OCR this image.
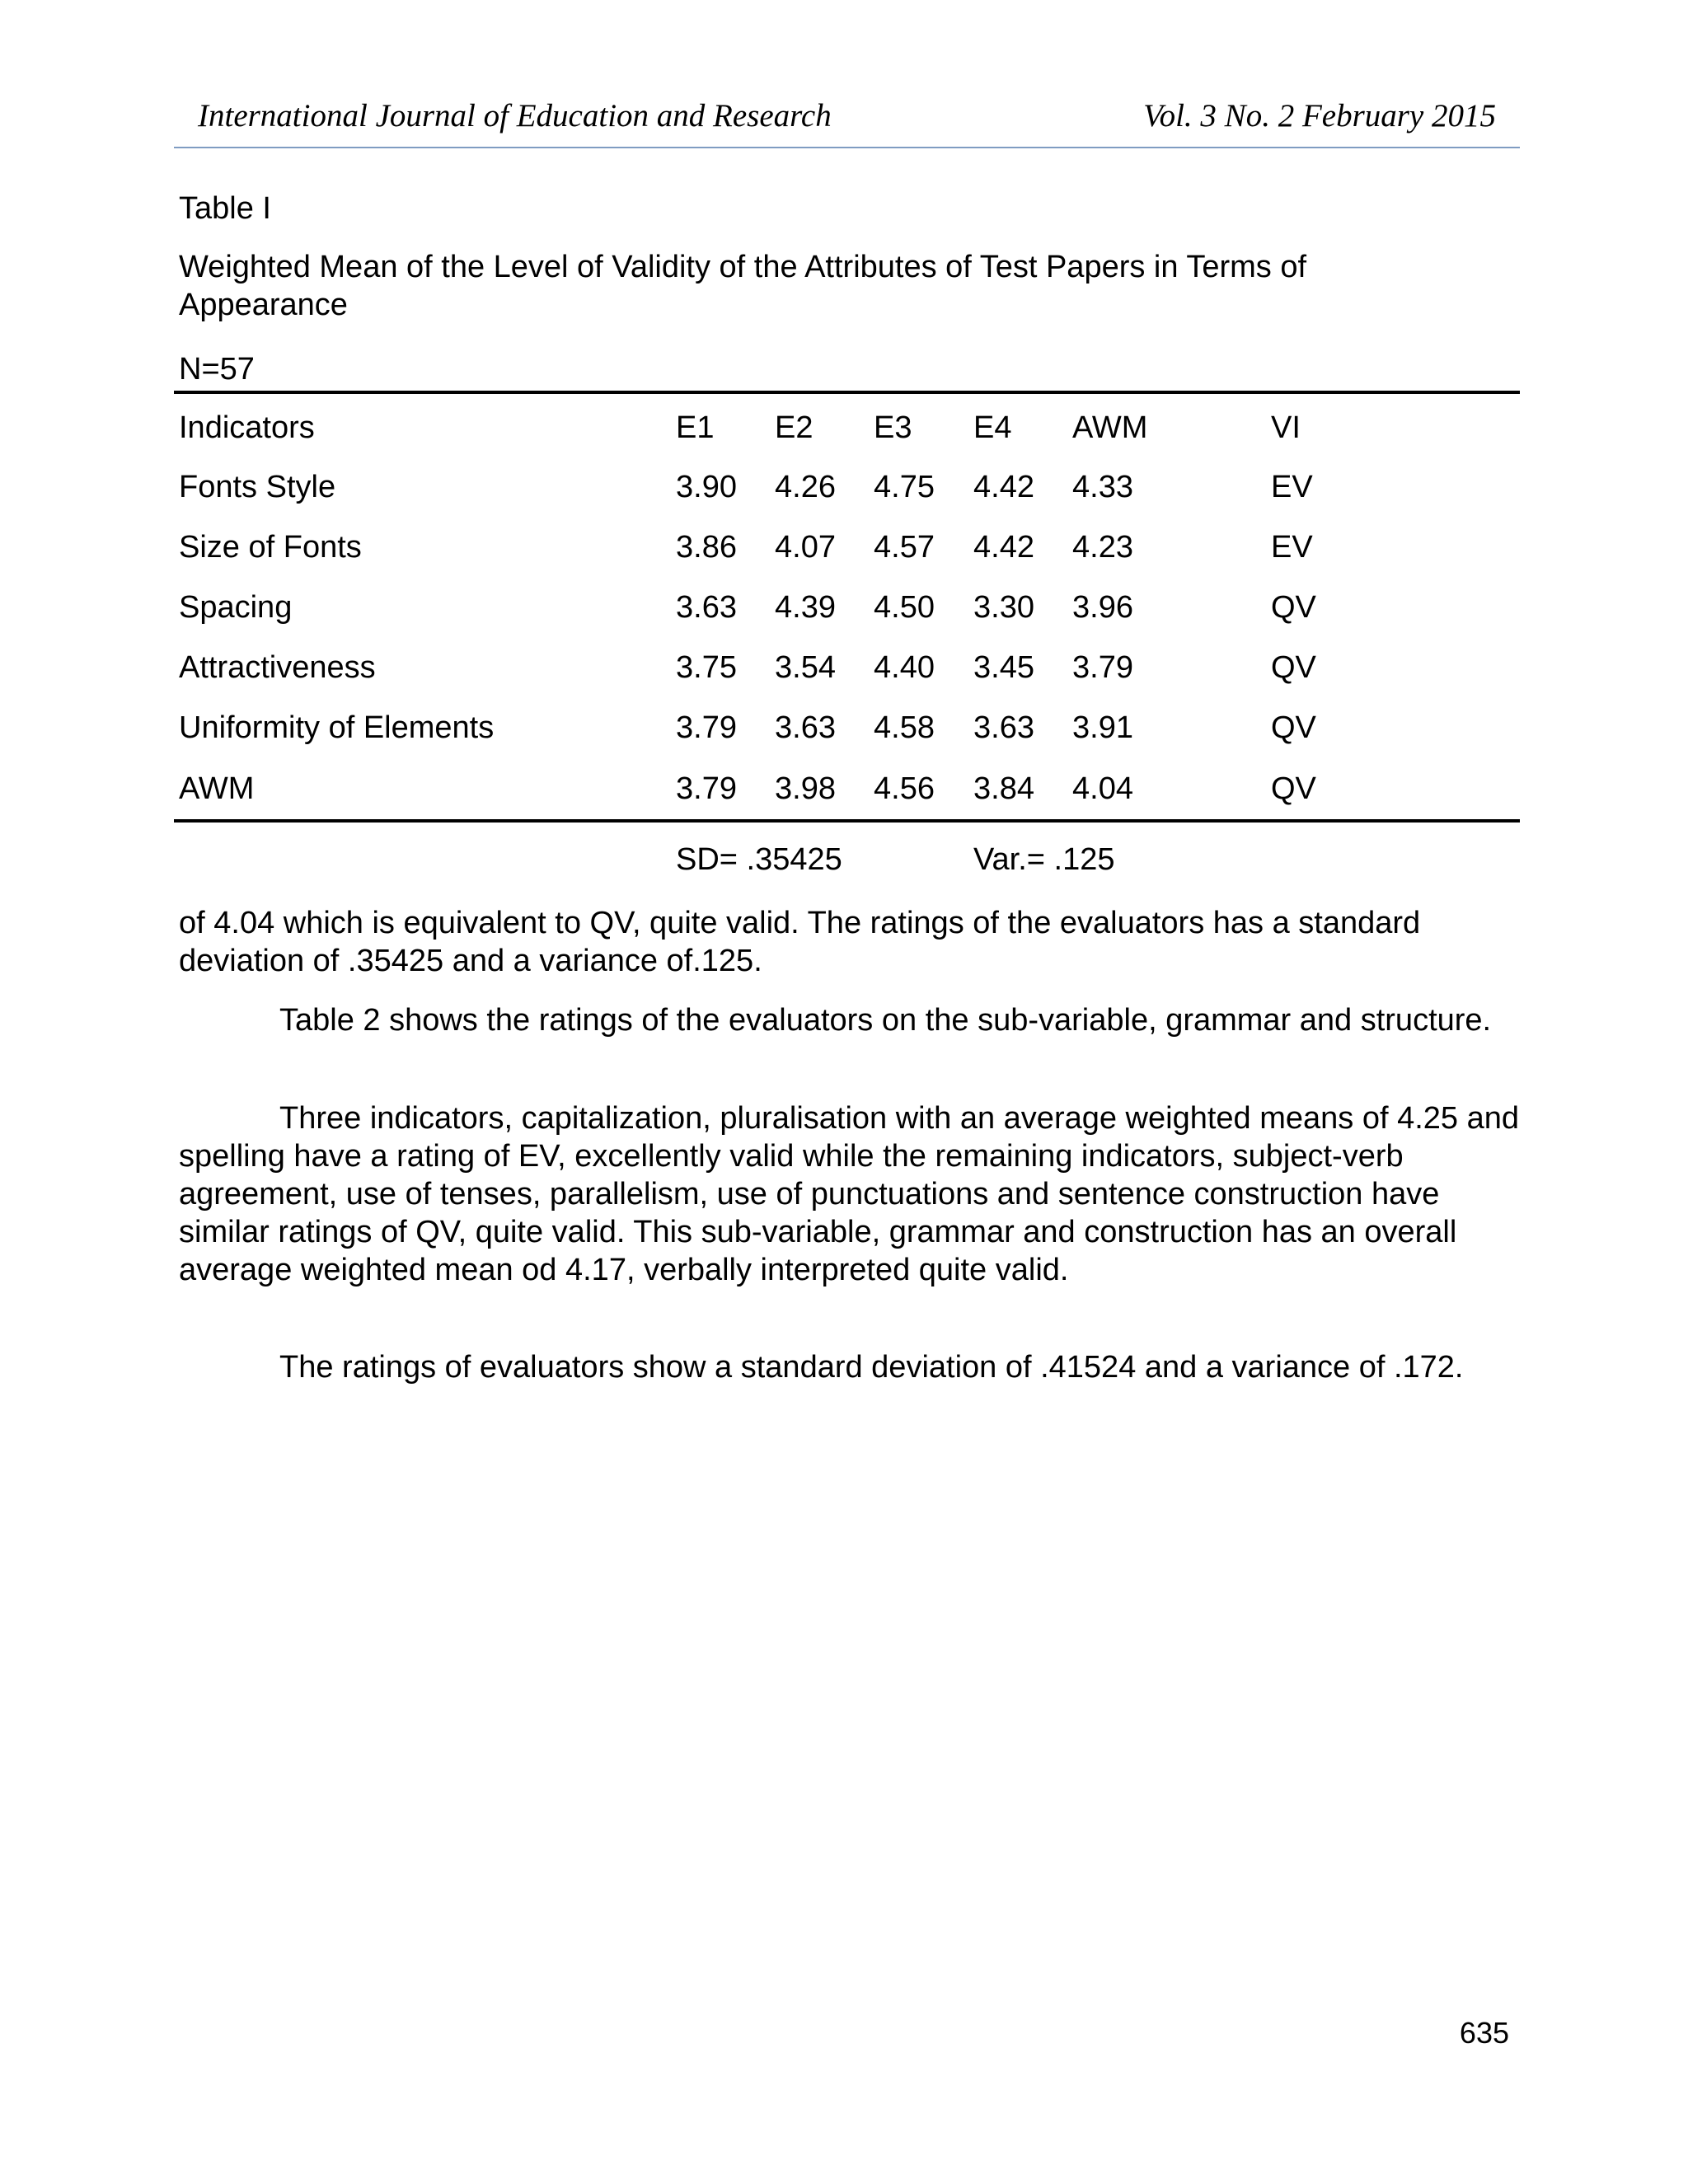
International Journal of Education and Research	Vol. 3 No. 2 February 2015
Table I
Weighted Mean of the Level of Validity of the Attributes of Test Papers in Terms of Appearance
N=57
Indicators	E1 E2 E3 E4 AWM	VI
Fonts Style	3.90 4.26 4.75 4.42 4.33	EV
Size of Fonts	3.86 4.07 4.57 4.42 4.23	EV
Spacing	3.63 4.39 4.50 3.30 3.96	QV
Attractiveness	3.75 3.54 4.40 3.45 3.79	QV
Uniformity of Elements	3.79 3.63 4.58 3.63 3.91	QV
AWM	3.79 3.98 4.56 3.84 4.04	QV
SD= .35425	Var.= .125

of 4.04 which is equivalent to QV, quite valid. The ratings of the evaluators has a standard deviation of .35425 and a variance of.125.

Table 2 shows the ratings of the evaluators on the sub-variable, grammar and structure.

Three indicators, capitalization, pluralisation with an average weighted means of 4.25 and spelling have a rating of EV, excellently valid while the remaining indicators, subject-verb agreement, use of tenses, parallelism, use of punctuations and sentence construction have similar ratings of QV, quite valid. This sub-variable, grammar and construction has an overall average weighted mean od 4.17, verbally interpreted quite valid.

The ratings of evaluators show a standard deviation of .41524 and a variance of .172.

635
